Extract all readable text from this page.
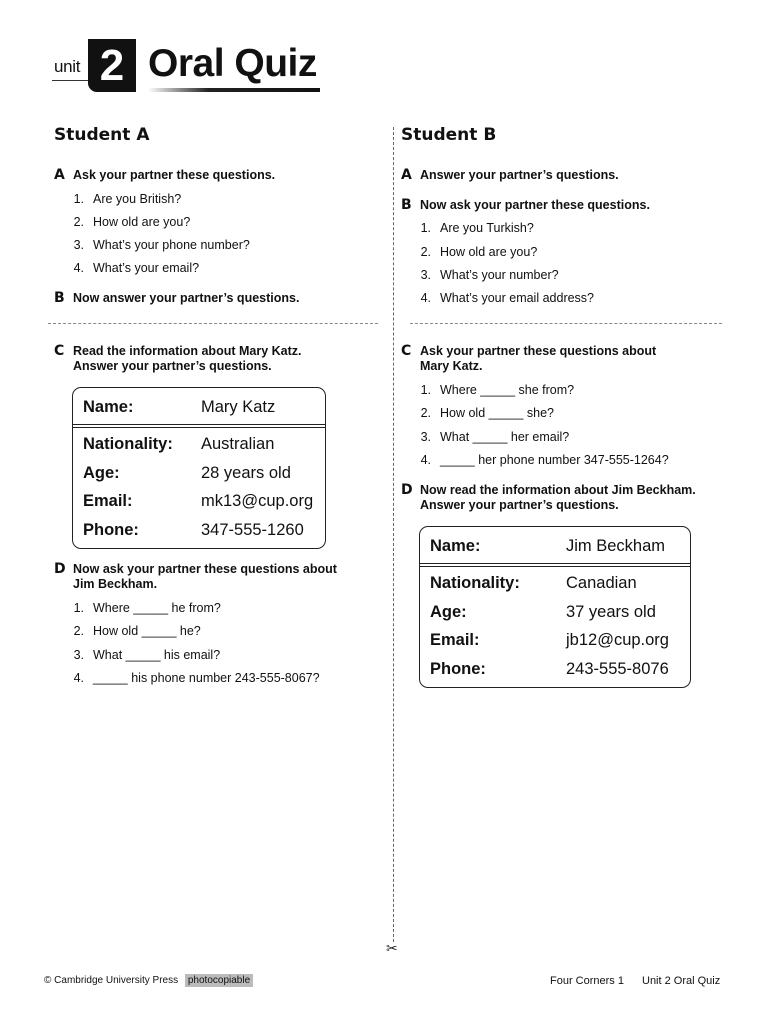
unit 2 Oral Quiz
✂
Student A
A Ask your partner these questions.
1. Are you British?
2. How old are you?
3. What’s your phone number?
4. What’s your email?
B Now answer your partner’s questions.
C Read the information about Mary Katz.
Answer your partner’s questions.
Name:	Mary Katz
Nationality: Australian
Age:	28 years old
Email:	mk13@cup.org
Phone:	347-555-1260
D Now ask your partner these questions about
Jim Beckham.
1. Where _____ he from?
2. How old _____ he?
3. What _____ his email?
4. _____ his phone number 243-555-8067?
Student B
A Answer your partner’s questions.
B Now ask your partner these questions.
1. Are you Turkish?
2. How old are you?
3. What’s your number?
4. What’s your email address?
C Ask your partner these questions about
Mary Katz.
1. Where _____ she from?
2. How old _____ she?
3. What _____ her email?
4. _____ her phone number 347-555-1264?
D Now read the information about Jim Beckham.
Answer your partner’s questions.
Name:	Jim Beckham
Nationality:	Canadian
Age:	37 years old
Email:	jb12@cup.org
Phone:	243-555-8076
© Cambridge University Press photocopiable	Four Corners 1 Unit 2 Oral Quiz
